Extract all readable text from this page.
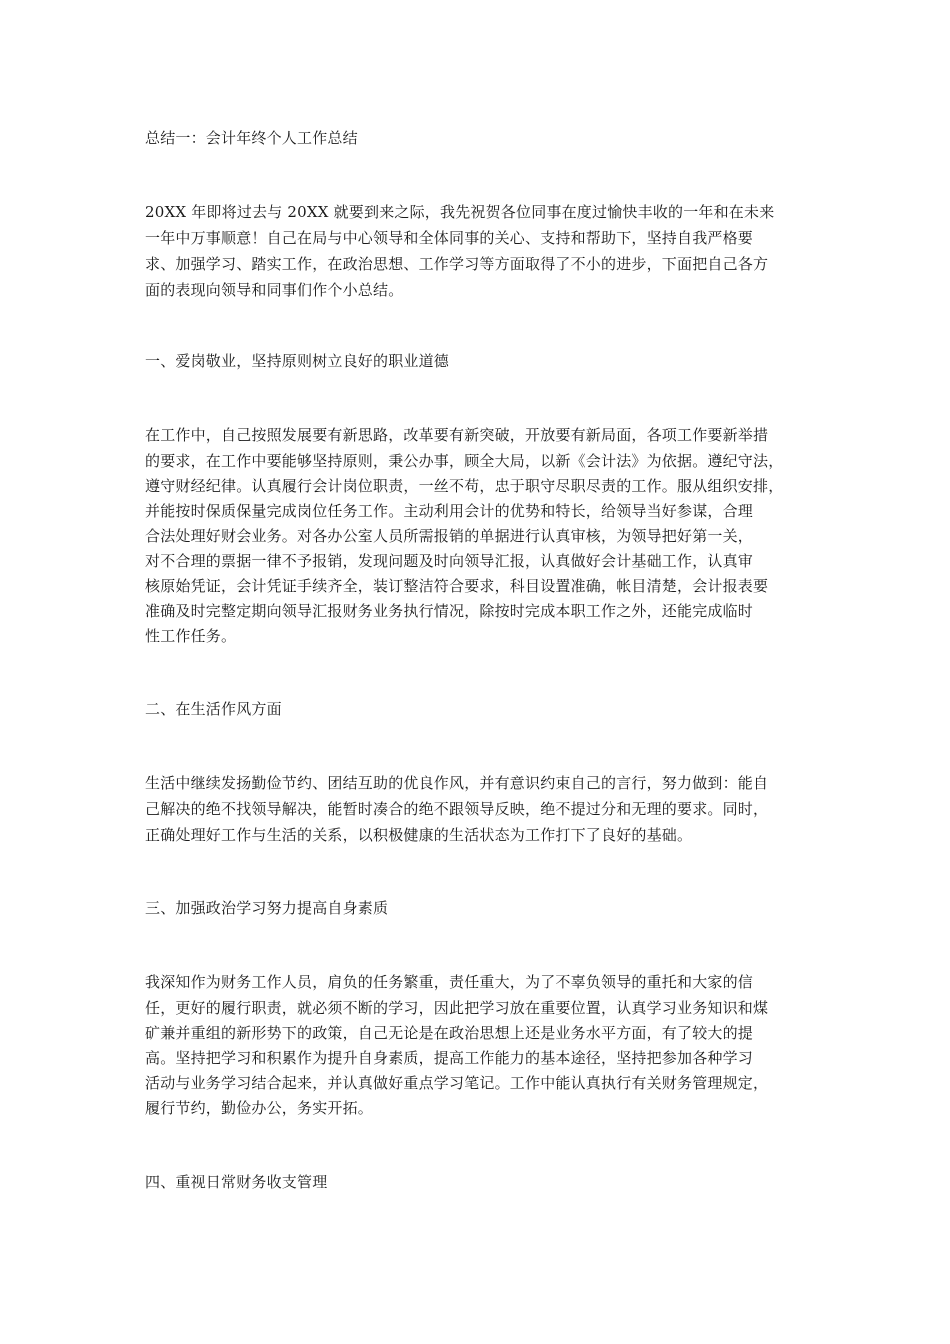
总结一：会计年终个人工作总结
20XX 年即将过去与 20XX 就要到来之际，我先祝贺各位同事在度过愉快丰收的一年和在未来
一年中万事顺意！自己在局与中心领导和全体同事的关心、支持和帮助下，坚持自我严格要
求、加强学习、踏实工作，在政治思想、工作学习等方面取得了不小的进步，下面把自己各方
面的表现向领导和同事们作个小总结。
一、爱岗敬业，坚持原则树立良好的职业道德
在工作中，自己按照发展要有新思路，改革要有新突破，开放要有新局面，各项工作要新举措
的要求，在工作中要能够坚持原则，秉公办事，顾全大局，以新《会计法》为依据。遵纪守法，
遵守财经纪律。认真履行会计岗位职责，一丝不苟，忠于职守尽职尽责的工作。服从组织安排，
并能按时保质保量完成岗位任务工作。主动利用会计的优势和特长，给领导当好参谋，合理
合法处理好财会业务。对各办公室人员所需报销的单据进行认真审核，为领导把好第一关，
对不合理的票据一律不予报销，发现问题及时向领导汇报，认真做好会计基础工作，认真审
核原始凭证，会计凭证手续齐全，装订整洁符合要求，科目设置准确，帐目清楚，会计报表要
准确及时完整定期向领导汇报财务业务执行情况，除按时完成本职工作之外，还能完成临时
性工作任务。
二、在生活作风方面
生活中继续发扬勤俭节约、团结互助的优良作风，并有意识约束自己的言行，努力做到：能自
己解决的绝不找领导解决，能暂时凑合的绝不跟领导反映，绝不提过分和无理的要求。同时，
正确处理好工作与生活的关系，以积极健康的生活状态为工作打下了良好的基础。
三、加强政治学习努力提高自身素质
我深知作为财务工作人员，肩负的任务繁重，责任重大，为了不辜负领导的重托和大家的信
任，更好的履行职责，就必须不断的学习，因此把学习放在重要位置，认真学习业务知识和煤
矿兼并重组的新形势下的政策，自己无论是在政治思想上还是业务水平方面，有了较大的提
高。坚持把学习和积累作为提升自身素质，提高工作能力的基本途径，坚持把参加各种学习
活动与业务学习结合起来，并认真做好重点学习笔记。工作中能认真执行有关财务管理规定，
履行节约，勤俭办公，务实开拓。
四、重视日常财务收支管理
